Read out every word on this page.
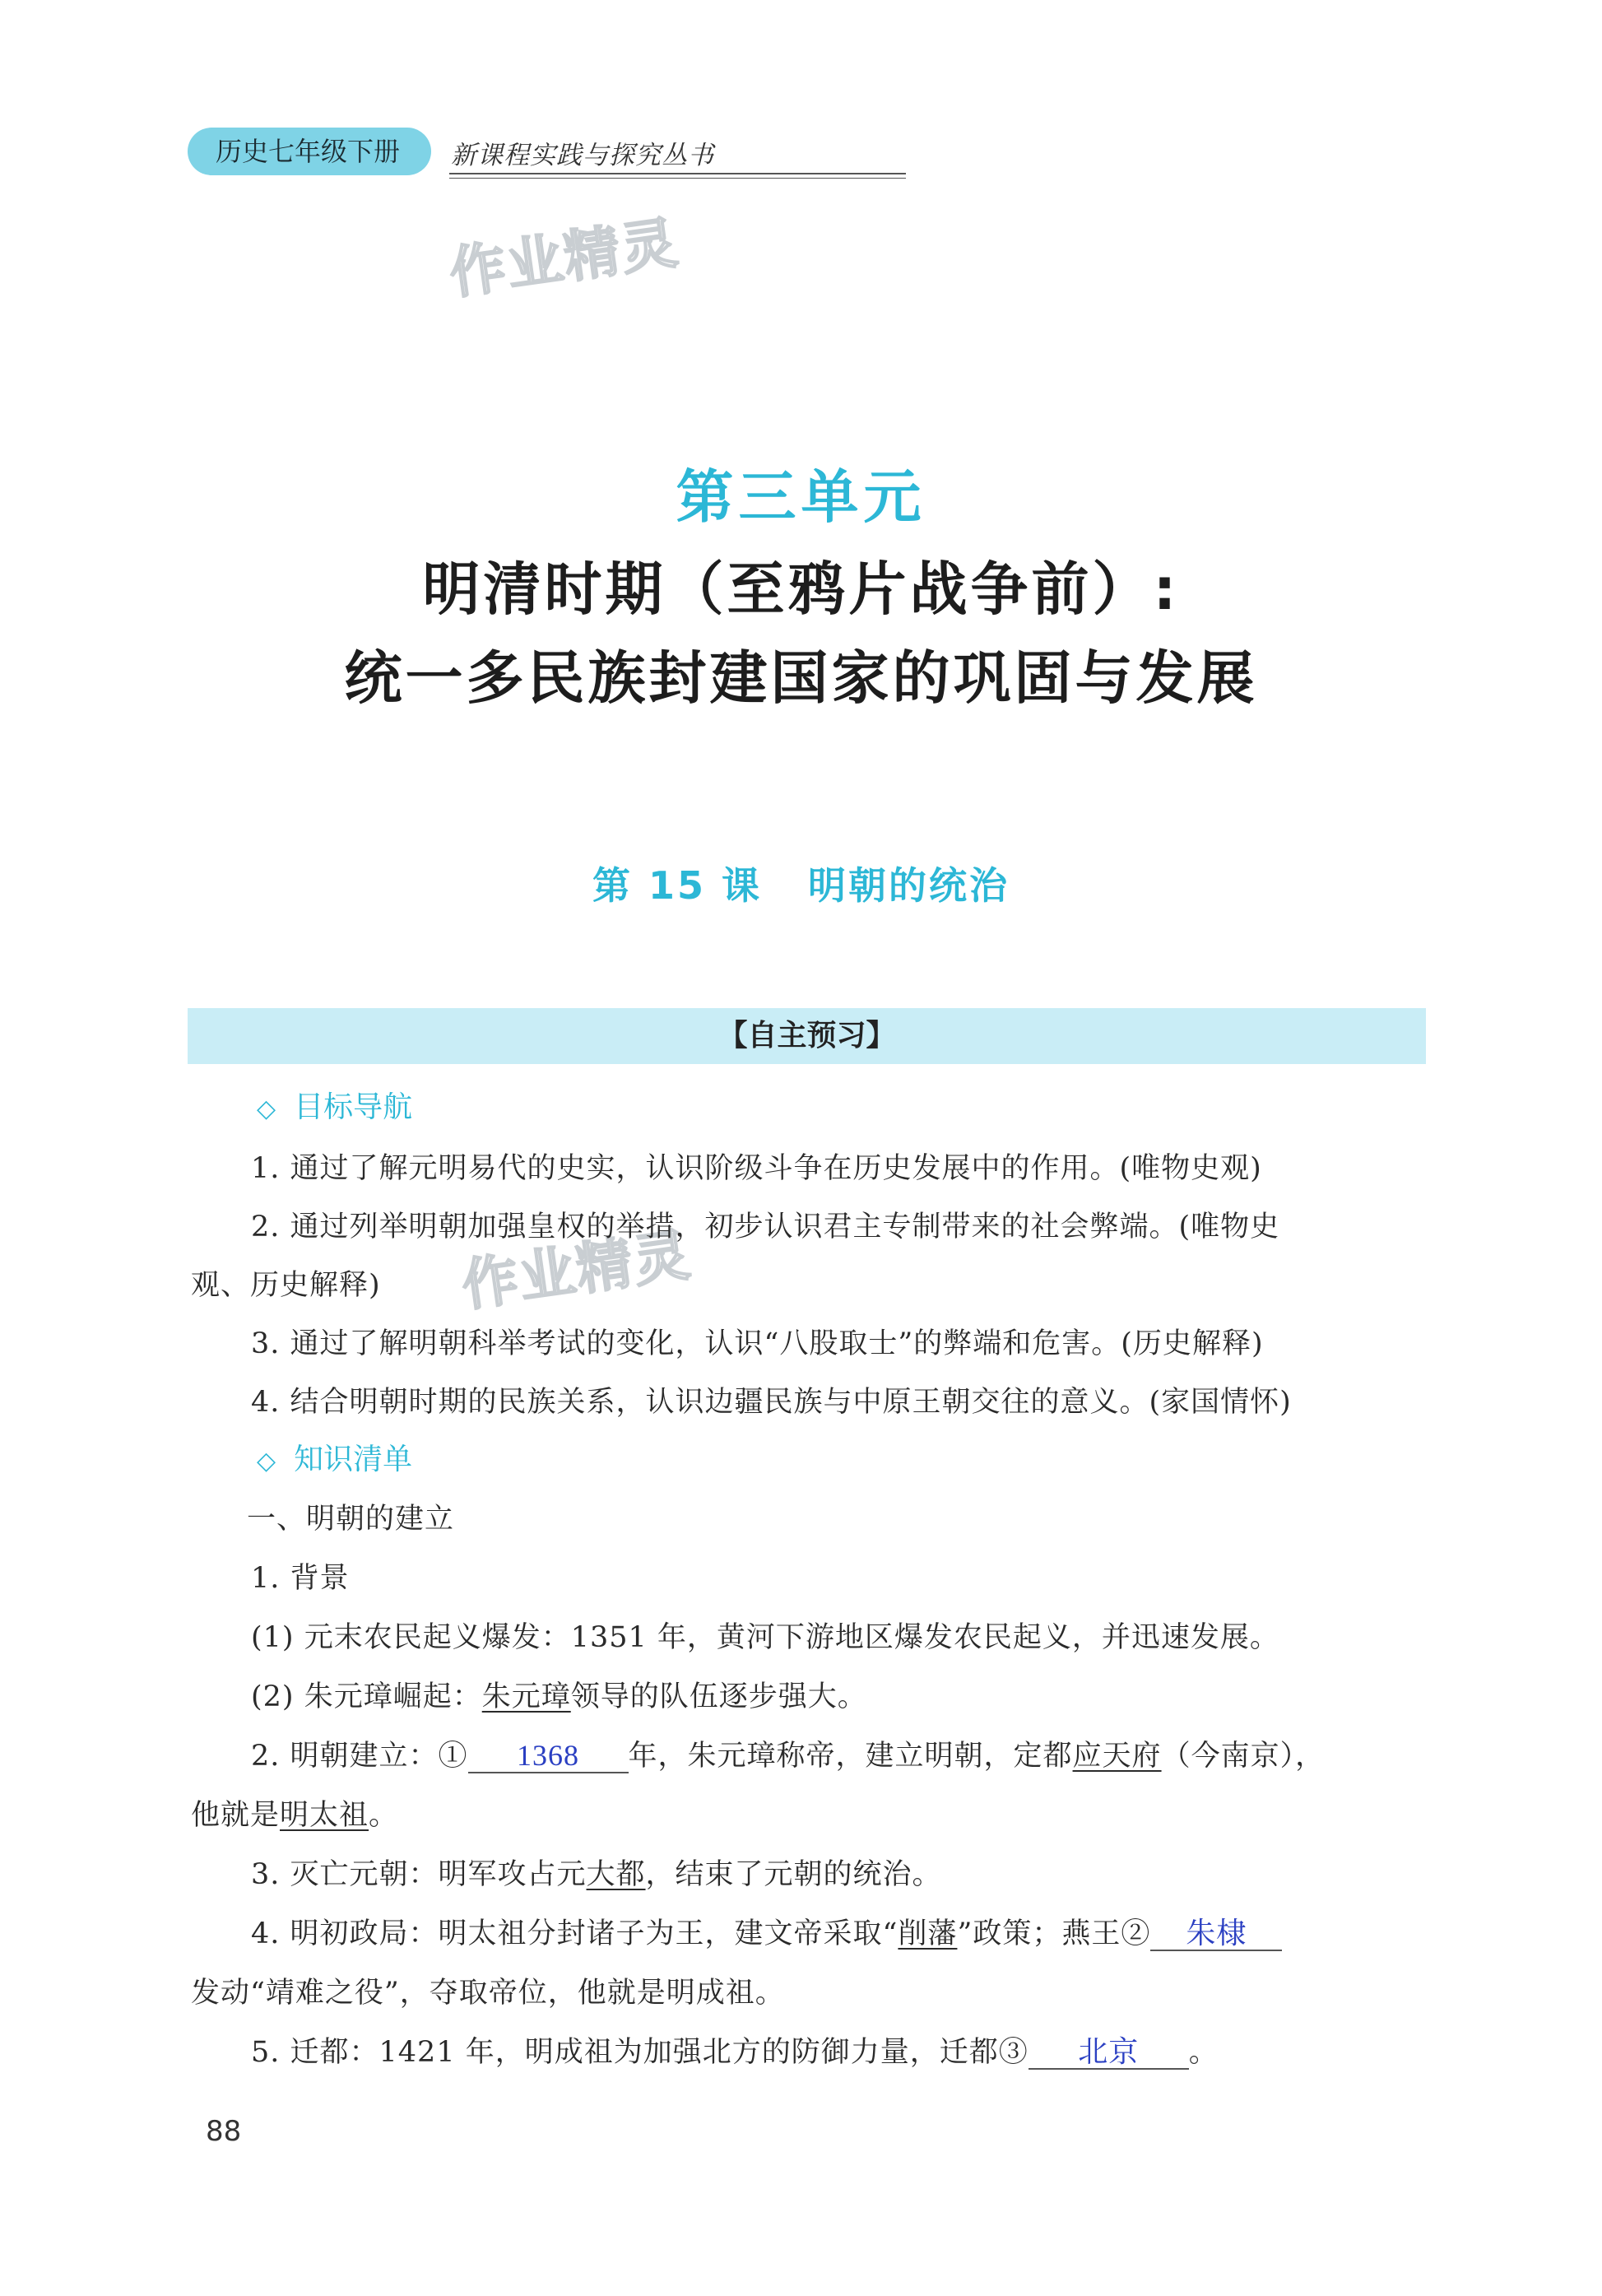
历史七年级下册	新课程实践与探究丛书
作业精灵
作业精灵
第三单元
明清时期（至鸦片战争前）:
统一多民族封建国家的巩固与发展
第 15 课 明朝的统治
【自主预习】
◇ 目标导航
1. 通过了解元明易代的史实，认识阶级斗争在历史发展中的作用。(唯物史观)
2. 通过列举明朝加强皇权的举措，初步认识君主专制带来的社会弊端。(唯物史
观、历史解释)
3. 通过了解明朝科举考试的变化，认识“八股取士”的弊端和危害。(历史解释)
4. 结合明朝时期的民族关系，认识边疆民族与中原王朝交往的意义。(家国情怀)
◇ 知识清单
一、明朝的建立
1. 背景
(1) 元末农民起义爆发：1351 年，黄河下游地区爆发农民起义，并迅速发展。
(2) 朱元璋崛起：朱元璋领导的队伍逐步强大。
2. 明朝建立：① 1368 年，朱元璋称帝，建立明朝，定都应天府（今南京），
他就是明太祖。
3. 灭亡元朝：明军攻占元大都，结束了元朝的统治。
4. 明初政局：明太祖分封诸子为王，建文帝采取“削藩”政策；燕王② 朱棣
发动“靖难之役”，夺取帝位，他就是明成祖。
5. 迁都：1421 年，明成祖为加强北方的防御力量，迁都③ 北京 。
88
